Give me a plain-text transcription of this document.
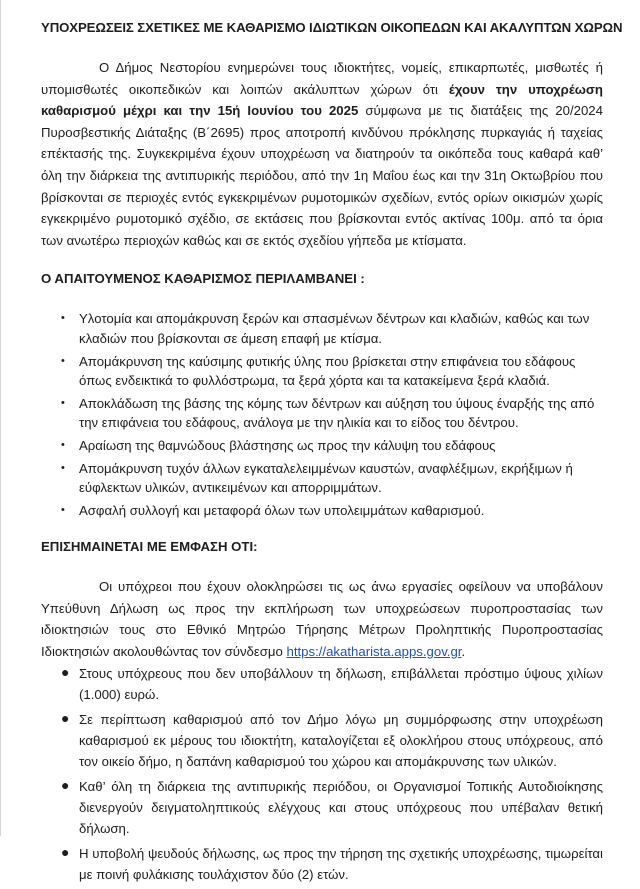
ΥΠΟΧΡΕΩΣΕΙΣ ΣΧΕΤΙΚΕΣ ΜΕ ΚΑΘΑΡΙΣΜΟ ΙΔΙΩΤΙΚΩΝ ΟΙΚΟΠΕΔΩΝ ΚΑΙ ΑΚΑΛΥΠΤΩΝ ΧΩΡΩΝ

Ο Δήμος Νεστορίου ενημερώνει τους ιδιοκτήτες, νομείς, επικαρπωτές, μισθωτές ή υπομισθωτές οικοπεδικών και λοιπών ακάλυπτων χώρων ότι έχουν την υποχρέωση καθαρισμού μέχρι και την 15ή Ιουνίου του 2025 σύμφωνα με τις διατάξεις της 20/2024 Πυροσβεστικής Διάταξης (Β΄2695) προς αποτροπή κινδύνου πρόκλησης πυρκαγιάς ή ταχείας επέκτασής της. Συγκεκριμένα έχουν υποχρέωση να διατηρούν τα οικόπεδα τους καθαρά καθ’ όλη την διάρκεια της αντιπυρικής περιόδου, από την 1η Μαΐου έως και την 31η Οκτωβρίου που βρίσκονται σε περιοχές εντός εγκεκριμένων ρυμοτομικών σχεδίων, εντός ορίων οικισμών χωρίς εγκεκριμένο ρυμοτομικό σχέδιο, σε εκτάσεις που βρίσκονται εντός ακτίνας 100μ. από τα όρια των ανωτέρω περιοχών καθώς και σε εκτός σχεδίου γήπεδα με κτίσματα.

Ο ΑΠΑΙΤΟΥΜΕΝΟΣ ΚΑΘΑΡΙΣΜΟΣ ΠΕΡΙΛΑΜΒΑΝΕΙ :

• Υλοτομία και απομάκρυνση ξερών και σπασμένων δέντρων και κλαδιών, καθώς και των κλαδιών που βρίσκονται σε άμεση επαφή με κτίσμα.
• Απομάκρυνση της καύσιμης φυτικής ύλης που βρίσκεται στην επιφάνεια του εδάφους όπως ενδεικτικά το φυλλόστρωμα, τα ξερά χόρτα και τα κατακείμενα ξερά κλαδιά.
• Αποκλάδωση της βάσης της κόμης των δέντρων και αύξηση του ύψους έναρξής της από την επιφάνεια του εδάφους, ανάλογα με την ηλικία και το είδος του δέντρου.
• Αραίωση της θαμνώδους βλάστησης ως προς την κάλυψη του εδάφους
• Απομάκρυνση τυχόν άλλων εγκαταλελειμμένων καυστών, αναφλέξιμων, εκρήξιμων ή εύφλεκτων υλικών, αντικειμένων και απορριμμάτων.
• Ασφαλή συλλογή και μεταφορά όλων των υπολειμμάτων καθαρισμού.

ΕΠΙΣΗΜΑΙΝΕΤΑΙ ΜΕ ΕΜΦΑΣΗ ΟΤΙ:

Οι υπόχρεοι που έχουν ολοκληρώσει τις ως άνω εργασίες οφείλουν να υποβάλουν Υπεύθυνη Δήλωση ως προς την εκπλήρωση των υποχρεώσεων πυροπροστασίας των ιδιοκτησιών τους στο Εθνικό Μητρώο Τήρησης Μέτρων Προληπτικής Πυροπροστασίας Ιδιοκτησιών ακολουθώντας τον σύνδεσμο https://akatharista.apps.gov.gr.

● Στους υπόχρεους που δεν υποβάλλουν τη δήλωση, επιβάλλεται πρόστιμο ύψους χιλίων (1.000) ευρώ.
● Σε περίπτωση καθαρισμού από τον Δήμο λόγω μη συμμόρφωσης στην υποχρέωση καθαρισμού εκ μέρους του ιδιοκτήτη, καταλογίζεται εξ ολοκλήρου στους υπόχρεους, από τον οικείο δήμο, η δαπάνη καθαρισμού του χώρου και απομάκρυνσης των υλικών.
● Καθ’ όλη τη διάρκεια της αντιπυρικής περιόδου, οι Οργανισμοί Τοπικής Αυτοδιοίκησης διενεργούν δειγματοληπτικούς ελέγχους και στους υπόχρεους που υπέβαλαν θετική δήλωση.
● Η υποβολή ψευδούς δήλωσης, ως προς την τήρηση της σχετικής υποχρέωσης, τιμωρείται με ποινή φυλάκισης τουλάχιστον δύο (2) ετών.
